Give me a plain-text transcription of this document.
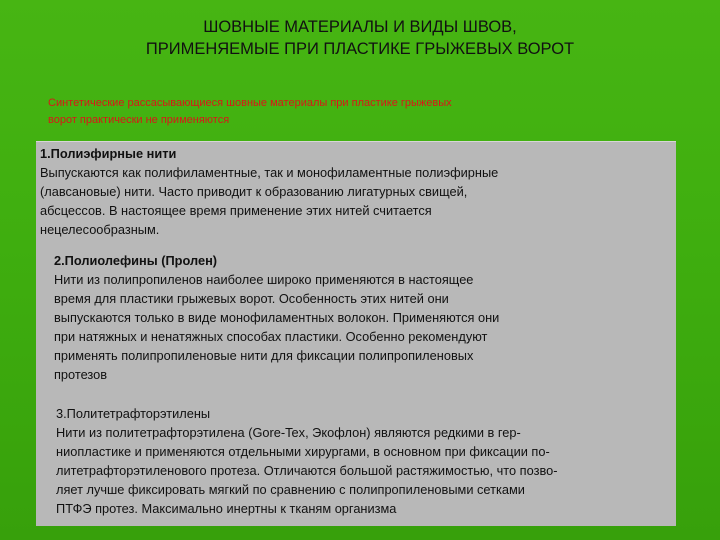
ШОВНЫЕ МАТЕРИАЛЫ И ВИДЫ ШВОВ,
ПРИМЕНЯЕМЫЕ ПРИ ПЛАСТИКЕ ГРЫЖЕВЫХ ВОРОТ
Синтетические рассасывающиеся шовные материалы при пластике грыжевых
ворот практически не применяются
1.Полиэфирные нити
Выпускаются как полифиламентные, так и монофиламентные полиэфирные
(лавсановые) нити. Часто приводит к образованию лигатурных свищей,
абсцессов. В настоящее время применение этих нитей считается
нецелесообразным.
2.Полиолефины (Пролен)
Нити из полипропиленов наиболее широко применяются в настоящее
время для пластики грыжевых ворот. Особенность этих нитей они
выпускаются только в виде монофиламентных волокон. Применяются они
при натяжных и ненатяжных способах пластики. Особенно рекомендуют
применять полипропиленовые нити для фиксации полипропиленовых
протезов
3.Политетрафторэтилены
Нити из политетрафторэтилена (Gore-Tex, Экофлон) являются редкими в гер-
ниопластике и применяются отдельными хирургами, в основном при фиксации по-
литетрафторэтиленового протеза. Отличаются большой растяжимостью, что позво-
ляет лучше фиксировать мягкий по сравнению с полипропиленовыми сетками
ПТФЭ протез. Максимально инертны к тканям организма
